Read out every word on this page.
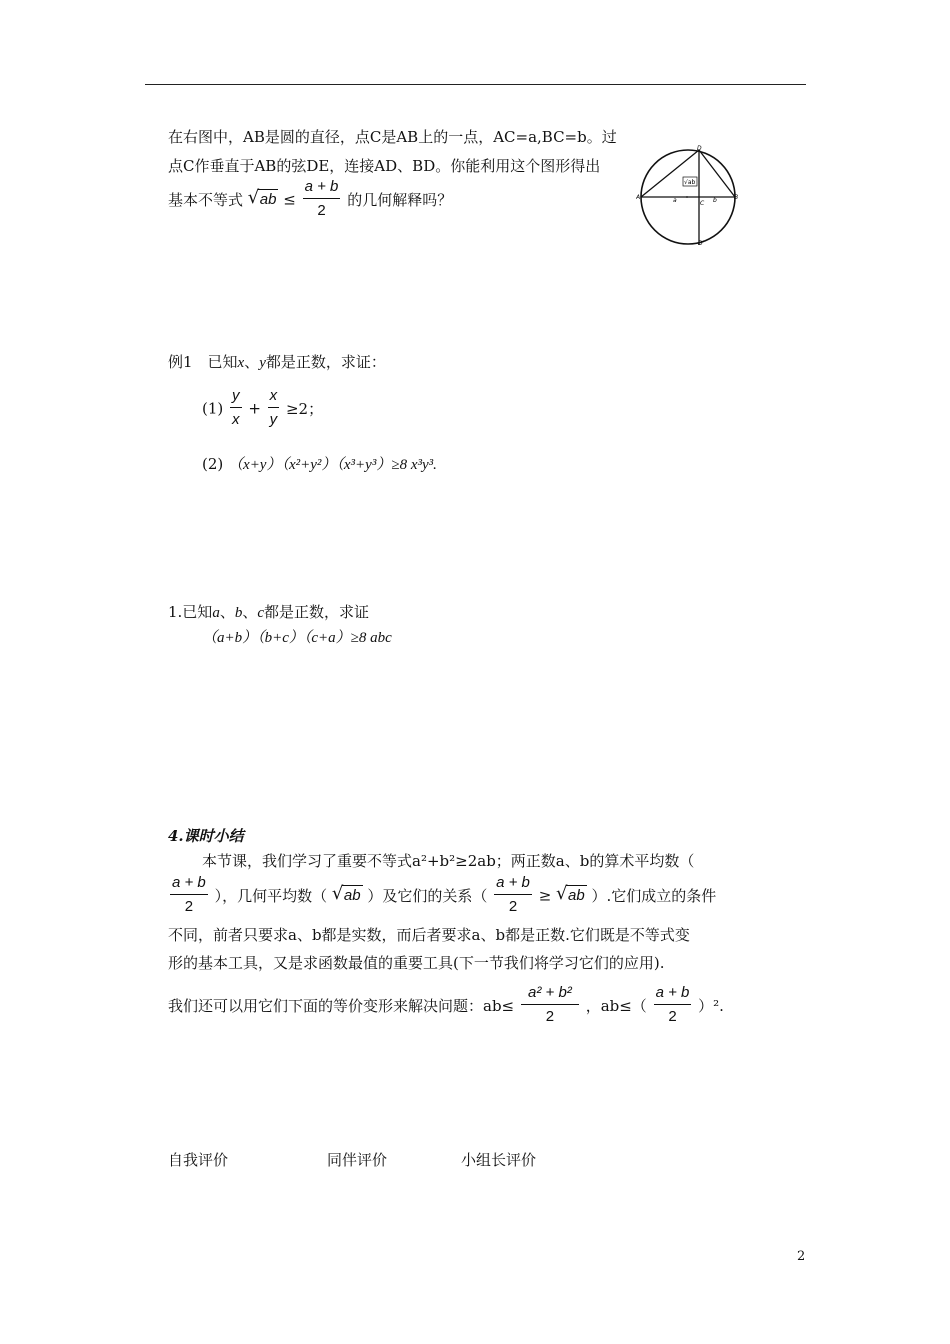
在右图中，AB是圆的直径，点C是AB上的一点，AC=a,BC=b。过
点C作垂直于AB的弦DE，连接AD、BD。你能利用这个图形得出
基本不等式 √ ab ≤ $\frac{a + b}{2}$ 的几何解释吗？
√ab
D
A	B
C
a	b
D'
例1　已知x、y都是正数，求证：
$(1) \frac{y}{x} + \frac{x}{y} \ge 2$；
(2) （x+y）（x²+y²）（x³+y³）≥8 x³y³.
1.已知a、b、c都是正数，求证
（a+b）（b+c）（c+a）≥8 abc
4.课时小结
本节课，我们学习了重要不等式a²+b²≥2ab；两正数a、b的算术平均数（
$\frac{a + b}{2}$ ），几何平均数（ √ ab ）及它们的关系（ $\frac{a + b}{2}$ ≥ √ ab ）.它们成立的条件
不同，前者只要求a、b都是实数，而后者要求a、b都是正数.它们既是不等式变
形的基本工具，又是求函数最值的重要工具(下一节我们将学习它们的应用).
我们还可以用它们下面的等价变形来解决问题：$ab\le \frac{\text{a² + b²}}{2}$ ，$ab\le( \frac{a + b}{2} )^2$.
自我评价	同伴评价	小组长评价
2
